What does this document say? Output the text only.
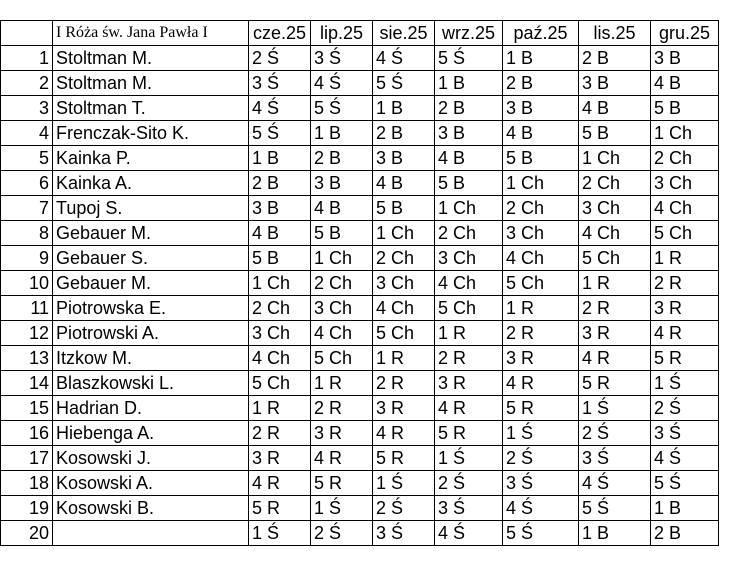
	I Róża św. Jana Pawła I	cze.25	lip.25	sie.25	wrz.25	paź.25	lis.25	gru.25
1	Stoltman M.	2 Ś	3 Ś	4 Ś	5 Ś	1 B	2 B	3 B
2	Stoltman M.	3 Ś	4 Ś	5 Ś	1 B	2 B	3 B	4 B
3	Stoltman T.	4 Ś	5 Ś	1 B	2 B	3 B	4 B	5 B
4	Frenczak-Sito K.	5 Ś	1 B	2 B	3 B	4 B	5 B	1 Ch
5	Kainka P.	1 B	2 B	3 B	4 B	5 B	1 Ch	2 Ch
6	Kainka A.	2 B	3 B	4 B	5 B	1 Ch	2 Ch	3 Ch
7	Tupoj S.	3 B	4 B	5 B	1 Ch	2 Ch	3 Ch	4 Ch
8	Gebauer M.	4 B	5 B	1 Ch	2 Ch	3 Ch	4 Ch	5 Ch
9	Gebauer S.	5 B	1 Ch	2 Ch	3 Ch	4 Ch	5 Ch	1 R
10	Gebauer M.	1 Ch	2 Ch	3 Ch	4 Ch	5 Ch	1 R	2 R
11	Piotrowska E.	2 Ch	3 Ch	4 Ch	5 Ch	1 R	2 R	3 R
12	Piotrowski A.	3 Ch	4 Ch	5 Ch	1 R	2 R	3 R	4 R
13	Itzkow M.	4 Ch	5 Ch	1 R	2 R	3 R	4 R	5 R
14	Blaszkowski L.	5 Ch	1 R	2 R	3 R	4 R	5 R	1 Ś
15	Hadrian D.	1 R	2 R	3 R	4 R	5 R	1 Ś	2 Ś
16	Hiebenga A.	2 R	3 R	4 R	5 R	1 Ś	2 Ś	3 Ś
17	Kosowski J.	3 R	4 R	5 R	1 Ś	2 Ś	3 Ś	4 Ś
18	Kosowski A.	4 R	5 R	1 Ś	2 Ś	3 Ś	4 Ś	5 Ś
19	Kosowski B.	5 R	1 Ś	2 Ś	3 Ś	4 Ś	5 Ś	1 B
20		1 Ś	2 Ś	3 Ś	4 Ś	5 Ś	1 B	2 B
